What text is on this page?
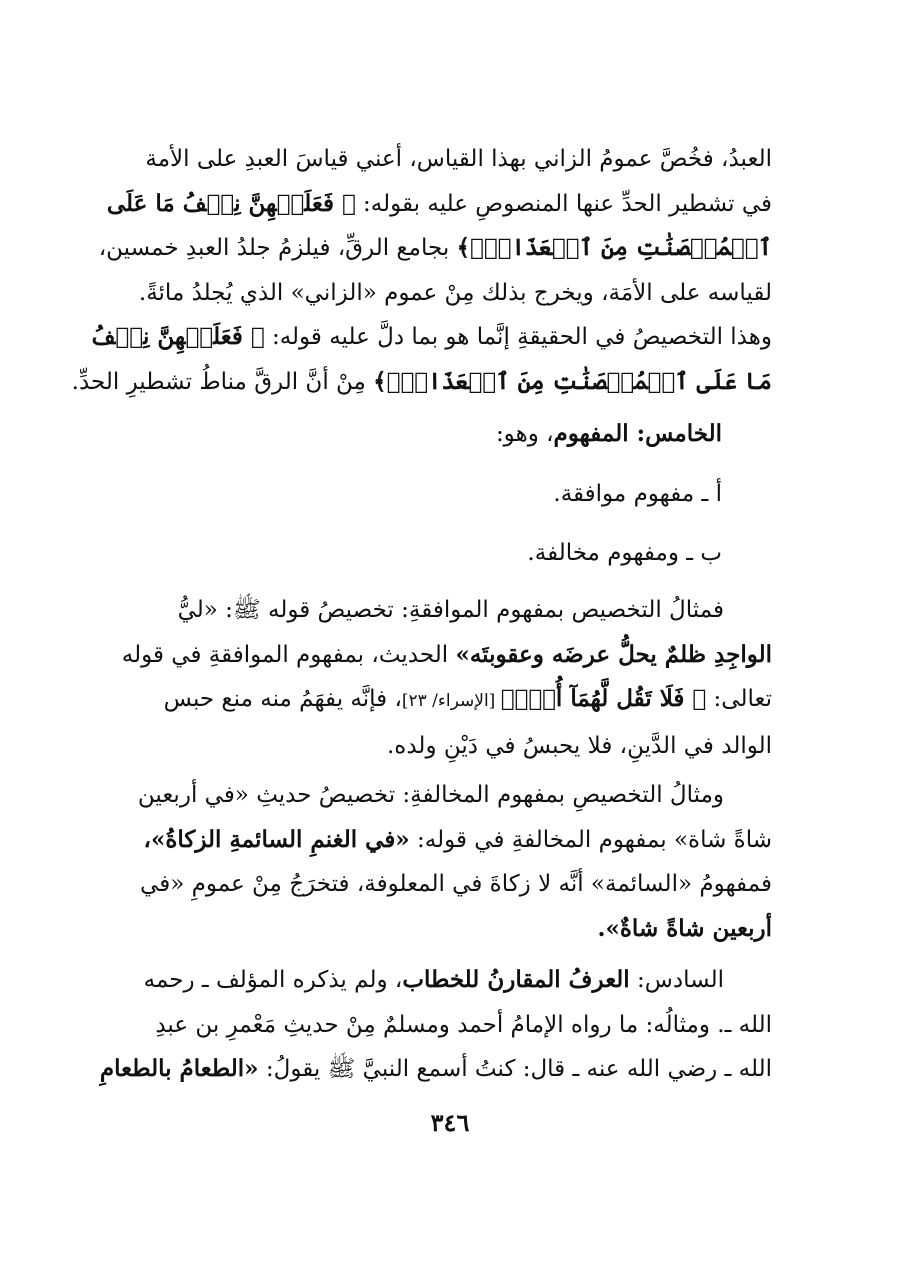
العبدُ، فخُصَّ عمومُ الزاني بهذا القياس، أعني قياسَ العبدِ على الأمة
في تشطير الحدِّ عنها المنصوصِ عليه بقوله: ﴿ فَعَلَيۡهِنَّ نِصۡفُ مَا عَلَى
ٱلۡمُحۡصَنَٰتِ مِنَ ٱلۡعَذَابِۚ﴾ بجامع الرقِّ، فيلزمُ جلدُ العبدِ خمسين،
لقياسه على الأمَة، ويخرج بذلك مِنْ عموم «الزاني» الذي يُجلدُ مائةً.
وهذا التخصيصُ في الحقيقةِ إنَّما هو بما دلَّ عليه قوله: ﴿ فَعَلَيۡهِنَّ نِصۡفُ
مَا عَلَى ٱلۡمُحۡصَنَٰتِ مِنَ ٱلۡعَذَابِۚ﴾ مِنْ أنَّ الرقَّ مناطُ تشطيرِ الحدِّ.
الخامس: المفهوم، وهو:
أ ـ مفهوم موافقة.
ب ـ ومفهوم مخالفة.
فمثالُ التخصيص بمفهوم الموافقةِ: تخصيصُ قوله ﷺ: «ليُّ
الواجِدِ ظلمٌ يحلُّ عرضَه وعقوبتَه» الحديث، بمفهوم الموافقةِ في قوله
تعالى: ﴿ فَلَا تَقُل لَّهُمَآ أُفّٖ﴾ [الإسراء/ ٢٣]، فإنَّه يفهَمُ منه منع حبس
الوالد في الدَّينِ، فلا يحبسُ في دَيْنِ ولده.
ومثالُ التخصيصِ بمفهوم المخالفةِ: تخصيصُ حديثِ «في أربعين
شاةً شاة» بمفهوم المخالفةِ في قوله: «في الغنمِ السائمةِ الزكاةُ»،
فمفهومُ «السائمة» أنَّه لا زكاةَ في المعلوفة، فتخرَجُ مِنْ عمومِ «في
أربعين شاةً شاةٌ».
السادس: العرفُ المقارنُ للخطاب، ولم يذكره المؤلف ـ رحمه
الله ـ. ومثالُه: ما رواه الإمامُ أحمد ومسلمٌ مِنْ حديثِ مَعْمرِ بن عبدِ
الله ـ رضي الله عنه ـ قال: كنتُ أسمع النبيَّ ﷺ يقولُ: «الطعامُ بالطعامِ
٣٤٦
